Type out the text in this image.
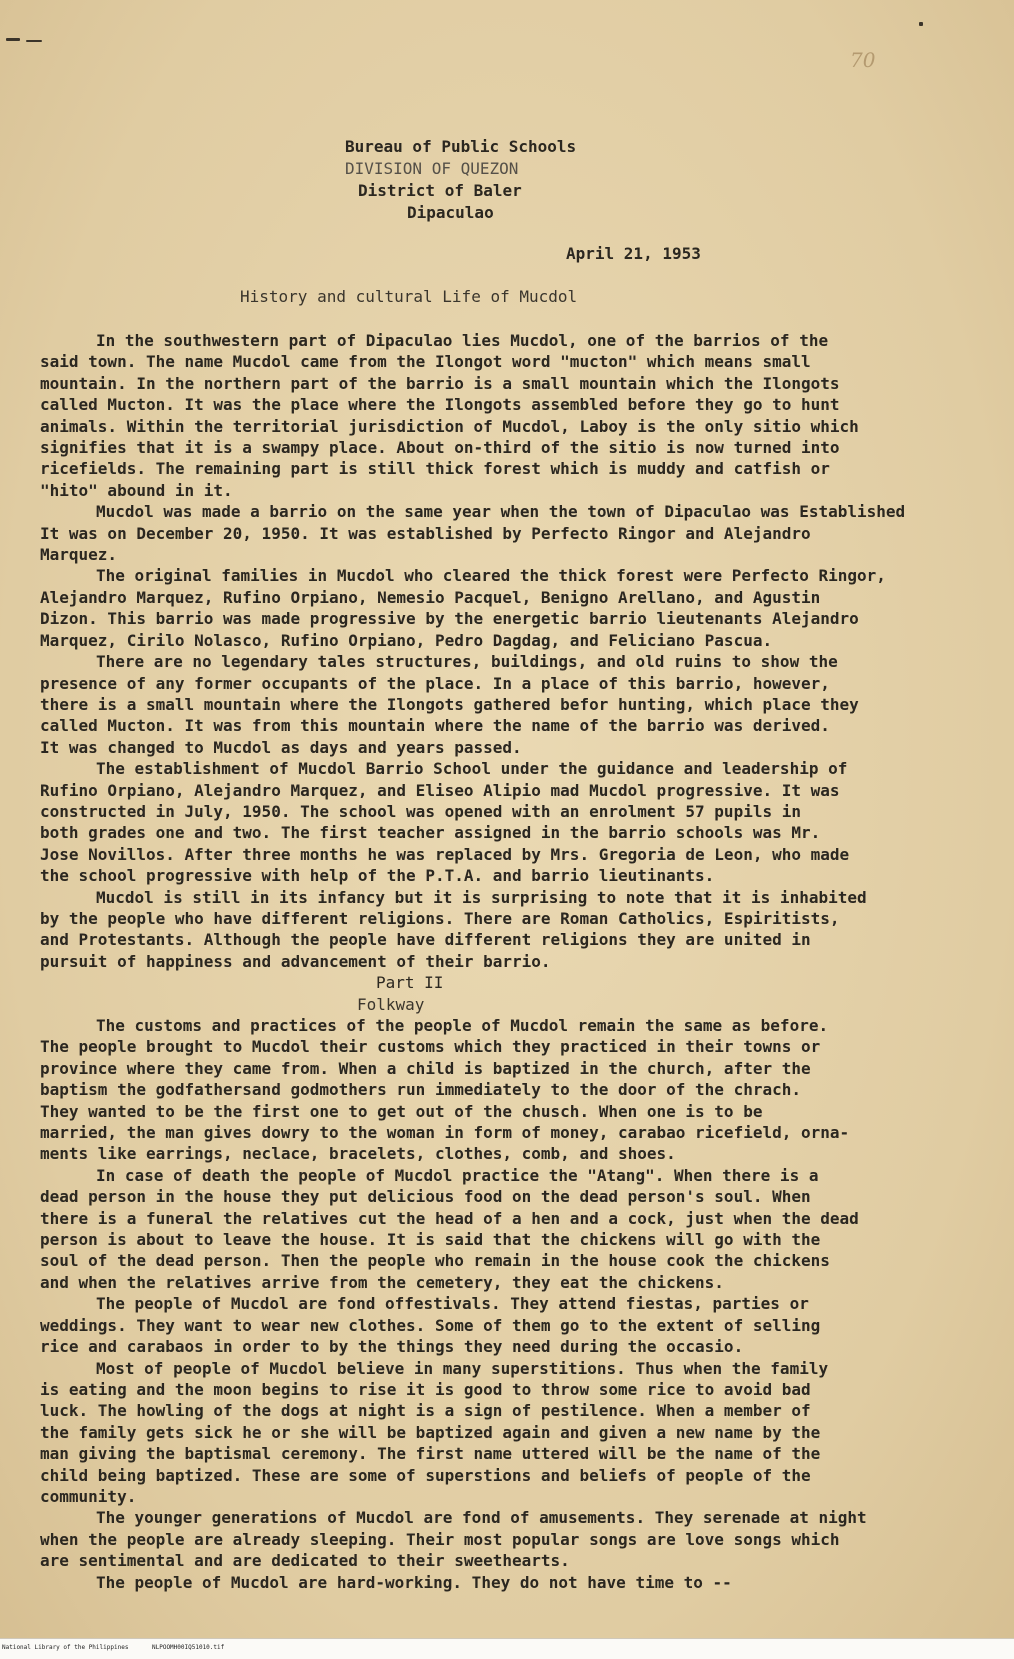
70

Bureau of Public Schools

DIVISION OF QUEZON

District of Baler

Dipaculao

April 21, 1953

History and cultural Life of Mucdol

In the southwestern part of Dipaculao lies Mucdol, one of the barrios of the
said town. The name Mucdol came from the Ilongot word "mucton" which means small
mountain. In the northern part of the barrio is a small mountain which the Ilongots
called Mucton. It was the place where the Ilongots assembled before they go to hunt
animals. Within the territorial jurisdiction of Mucdol, Laboy is the only sitio which
signifies that it is a swampy place. About on-third of the sitio is now turned into
ricefields. The remaining part is still thick forest which is muddy and catfish or
"hito" abound in it.
Mucdol was made a barrio on the same year when the town of Dipaculao was Established
It was on December 20, 1950. It was established by Perfecto Ringor and Alejandro
Marquez.
The original families in Mucdol who cleared the thick forest were Perfecto Ringor,
Alejandro Marquez, Rufino Orpiano, Nemesio Pacquel, Benigno Arellano, and Agustin
Dizon. This barrio was made progressive by the energetic barrio lieutenants Alejandro
Marquez, Cirilo Nolasco, Rufino Orpiano, Pedro Dagdag, and Feliciano Pascua.
There are no legendary tales structures, buildings, and old ruins to show the
presence of any former occupants of the place. In a place of this barrio, however,
there is a small mountain where the Ilongots gathered befor hunting, which place they
called Mucton. It was from this mountain where the name of the barrio was derived.
It was changed to Mucdol as days and years passed.
The establishment of Mucdol Barrio School under the guidance and leadership of
Rufino Orpiano, Alejandro Marquez, and Eliseo Alipio mad Mucdol progressive. It was
constructed in July, 1950. The school was opened with an enrolment 57 pupils in
both grades one and two. The first teacher assigned in the barrio schools was Mr.
Jose Novillos. After three months he was replaced by Mrs. Gregoria de Leon, who made
the school progressive with help of the P.T.A. and barrio lieutinants.
Mucdol is still in its infancy but it is surprising to note that it is inhabited
by the people who have different religions. There are Roman Catholics, Espiritists,
and Protestants. Although the people have different religions they are united in
pursuit of happiness and advancement of their barrio.

Part II

Folkway

The customs and practices of the people of Mucdol remain the same as before.
The people brought to Mucdol their customs which they practiced in their towns or
province where they came from. When a child is baptized in the church, after the
baptism the godfathersand godmothers run immediately to the door of the chrach.
They wanted to be the first one to get out of the chusch. When one is to be
married, the man gives dowry to the woman in form of money, carabao ricefield, orna-
ments like earrings, neclace, bracelets, clothes, comb, and shoes.
In case of death the people of Mucdol practice the "Atang". When there is a
dead person in the house they put delicious food on the dead person's soul. When
there is a funeral the relatives cut the head of a hen and a cock, just when the dead
person is about to leave the house. It is said that the chickens will go with the
soul of the dead person. Then the people who remain in the house cook the chickens
and when the relatives arrive from the cemetery, they eat the chickens.
The people of Mucdol are fond offestivals. They attend fiestas, parties or
weddings. They want to wear new clothes. Some of them go to the extent of selling
rice and carabaos in order to by the things they need during the occasio.
Most of people of Mucdol believe in many superstitions. Thus when the family
is eating and the moon begins to rise it is good to throw some rice to avoid bad
luck. The howling of the dogs at night is a sign of pestilence. When a member of
the family gets sick he or she will be baptized again and given a new name by the
man giving the baptismal ceremony. The first name uttered will be the name of the
child being baptized. These are some of superstions and beliefs of people of the
community.
The younger generations of Mucdol are fond of amusements. They serenade at night
when the people are already sleeping. Their most popular songs are love songs which
are sentimental and are dedicated to their sweethearts.
The people of Mucdol are hard-working. They do not have time to --
National Library of the Philippines	NLPOOMH00IQ51010.tif
